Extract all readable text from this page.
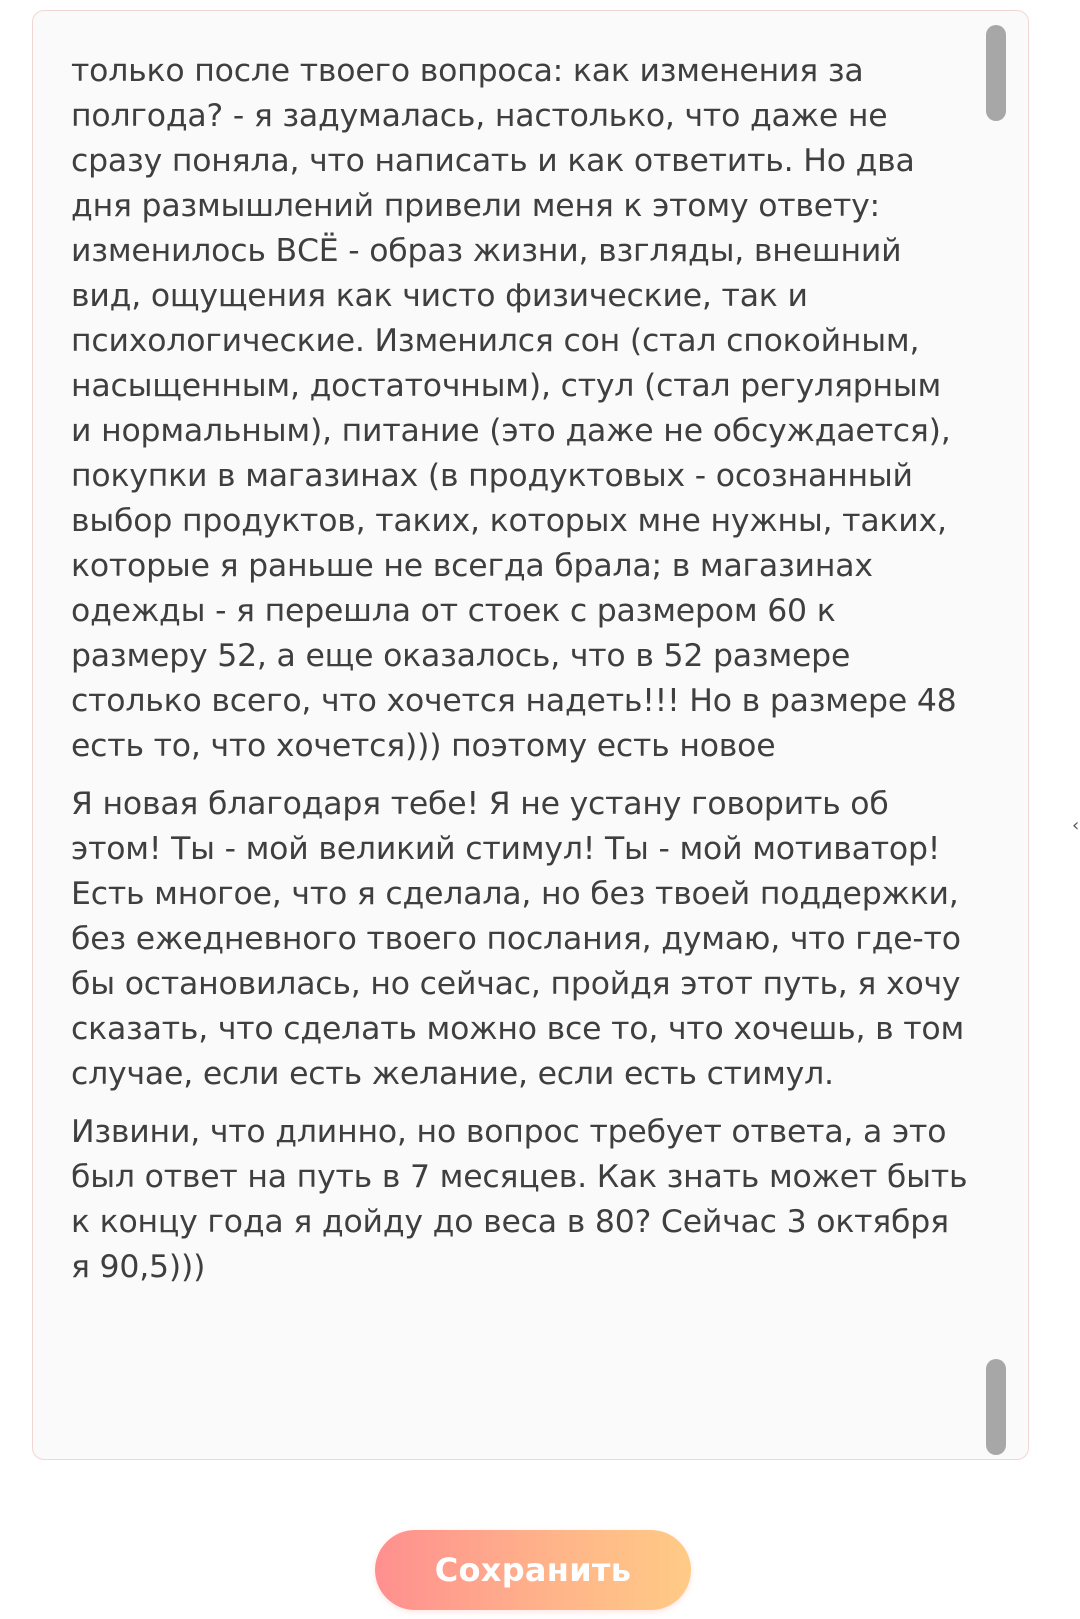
только после твоего вопроса: как изменения за полгода? - я задумалась, настолько, что даже не сразу поняла, что написать и как ответить. Но два дня размышлений привели меня к этому ответу: изменилось ВСЁ - образ жизни, взгляды, внешний вид, ощущения как чисто физические, так и психологические. Изменился сон (стал спокойным, насыщенным, достаточным), стул (стал регулярным и нормальным), питание (это даже не обсуждается), покупки в магазинах (в продуктовых - осознанный выбор продуктов, таких, которых мне нужны, таких, которые я раньше не всегда брала; в магазинах одежды - я перешла от стоек с размером 60 к размеру 52, а еще оказалось, что в 52 размере столько всего, что хочется надеть!!! Но в размере 48 есть то, что хочется))) поэтому есть новое

Я новая благодаря тебе! Я не устану говорить об этом! Ты - мой великий стимул! Ты - мой мотиватор! Есть многое, что я сделала, но без твоей поддержки, без ежедневного твоего послания, думаю, что где-то бы остановилась, но сейчас, пройдя этот путь, я хочу сказать, что сделать можно все то, что хочешь, в том случае, если есть желание, если есть стимул.

Извини, что длинно, но вопрос требует ответа, а это был ответ на путь в 7 месяцев. Как знать может быть к концу года я дойду до веса в 80? Сейчас 3 октября я 90,5)))

‹
Сохранить
